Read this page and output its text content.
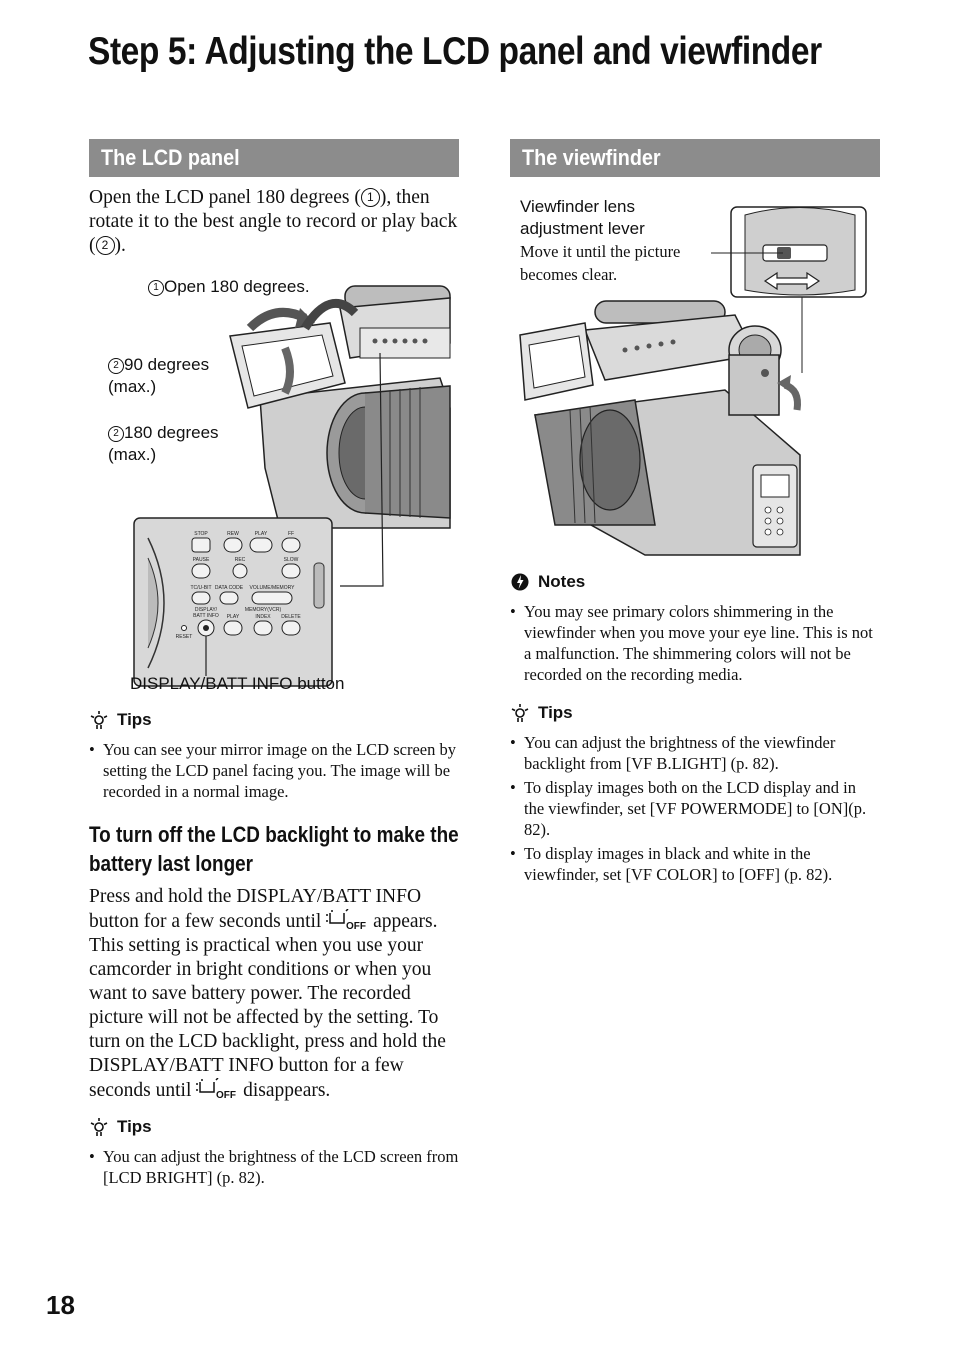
Step 5: Adjusting the LCD panel and viewfinder
The LCD panel

Open the LCD panel 180 degrees ( 1 ), then rotate it to the best angle to record or play back ( 2 ).

STOP	REW	PLAY	FF
PAUSE	REC	SLOW
TC/U-BIT DATA CODE VOLUME/MEMORY
DISPLAY/
BATT INFO
MEMORY(VCR)
PLAY	INDEX DELETE
RESET
1 Open 180 degrees.
2 90 degrees
(max.)
2 180 degrees
(max.)
DISPLAY/BATT INFO button
Tips
• You can see your mirror image on the LCD screen by setting the LCD panel facing you. The image will be recorded in a normal image.
To turn off the LCD backlight to make the battery last longer

Press and hold the DISPLAY/BATT INFO button for a few seconds until OFF appears. This setting is practical when you use your camcorder in bright conditions or when you want to save battery power. The recorded picture will not be affected by the setting. To turn on the LCD backlight, press and hold the DISPLAY/BATT INFO button for a few seconds until OFF disappears.

Tips
• You can adjust the brightness of the LCD screen from [LCD BRIGHT] (p. 82).
The viewfinder
Viewfinder lens
adjustment lever
Move it until the picture
becomes clear.
Notes
• You may see primary colors shimmering in the viewfinder when you move your eye line. This is not a malfunction. The shimmering colors will not be recorded on the recording media.
Tips
• You can adjust the brightness of the viewfinder backlight from [VF B.LIGHT] (p. 82).
• To display images both on the LCD display and in the viewfinder, set [VF POWERMODE] to [ON](p. 82).
• To display images in black and white in the viewfinder, set [VF COLOR] to [OFF] (p. 82).
18
